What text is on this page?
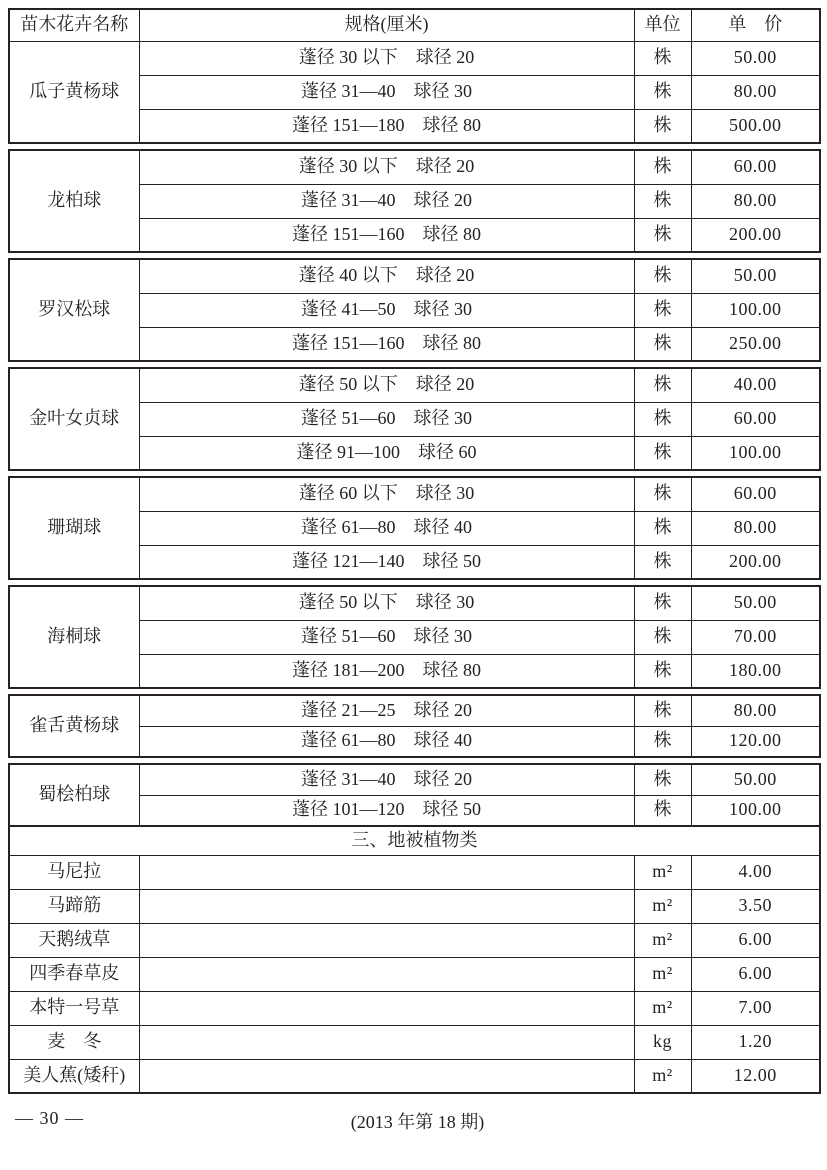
苗木花卉名称	规格(厘米)	单位	单　价
瓜子黄杨球	蓬径 30 以下　球径 20	株	50.00
	蓬径 31—40　球径 30	株	80.00
	蓬径 151—180　球径 80	株	500.00
龙柏球	蓬径 30 以下　球径 20	株	60.00
	蓬径 31—40　球径 20	株	80.00
	蓬径 151—160　球径 80	株	200.00
罗汉松球	蓬径 40 以下　球径 20	株	50.00
	蓬径 41—50　球径 30	株	100.00
	蓬径 151—160　球径 80	株	250.00
金叶女贞球	蓬径 50 以下　球径 20	株	40.00
	蓬径 51—60　球径 30	株	60.00
	蓬径 91—100　球径 60	株	100.00
珊瑚球	蓬径 60 以下　球径 30	株	60.00
	蓬径 61—80　球径 40	株	80.00
	蓬径 121—140　球径 50	株	200.00
海桐球	蓬径 50 以下　球径 30	株	50.00
	蓬径 51—60　球径 30	株	70.00
	蓬径 181—200　球径 80	株	180.00
雀舌黄杨球	蓬径 21—25　球径 20	株	80.00
	蓬径 61—80　球径 40	株	120.00
蜀桧柏球	蓬径 31—40　球径 20	株	50.00
	蓬径 101—120　球径 50	株	100.00
三、地被植物类			
马尼拉		m²	4.00
马蹄筋		m²	3.50
天鹅绒草		m²	6.00
四季春草皮		m²	6.00
本特一号草		m²	7.00
麦　冬		kg	1.20
美人蕉(矮秆)		m²	12.00
— 30 —	(2013 年第 18 期)
